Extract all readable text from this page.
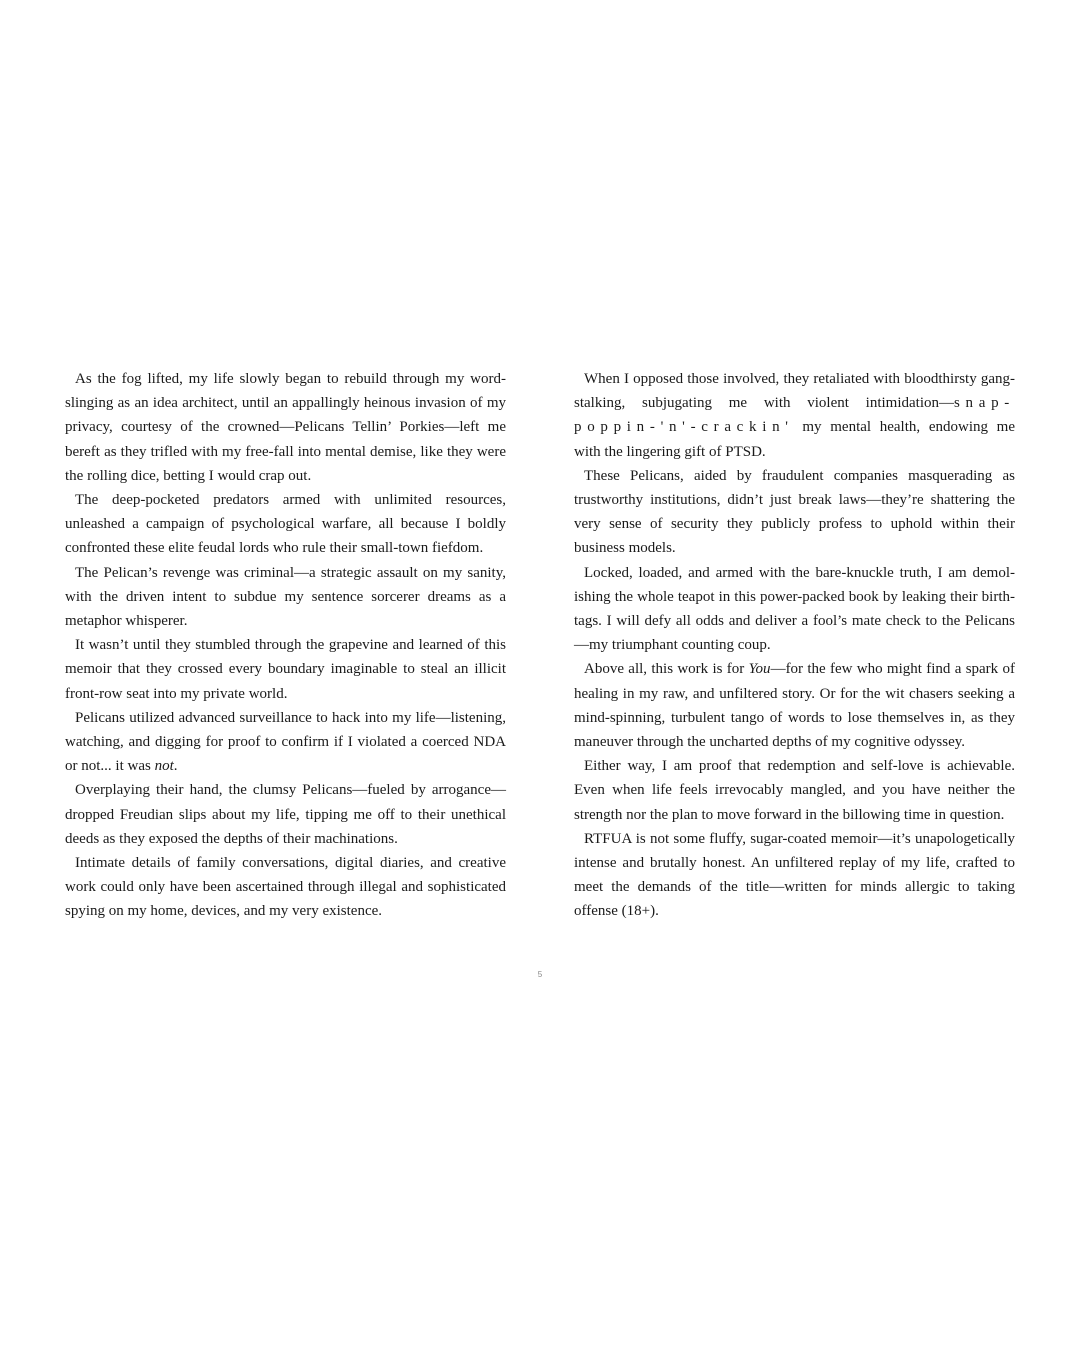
As the fog lifted, my life slowly began to rebuild through my word-slinging as an idea architect, until an appallingly heinous invasion of my privacy, courtesy of the crowned—Pelicans Tellin’ Porkies—left me bereft as they trifled with my free-fall into mental demise, like they were the rolling dice, betting I would crap out.

The deep-pocketed predators armed with unlimited resources, unleashed a campaign of psychological warfare, all because I boldly confronted these elite feudal lords who rule their small-town fiefdom.

The Pelican’s revenge was criminal—a strategic assault on my sanity, with the driven intent to subdue my sentence sorcerer dreams as a metaphor whisperer.

It wasn’t until they stumbled through the grapevine and learned of this memoir that they crossed every boundary imaginable to steal an illicit front-row seat into my private world.

Pelicans utilized advanced surveillance to hack into my life—listening, watching, and digging for proof to confirm if I violated a coerced NDA or not... it was not.

Overplaying their hand, the clumsy Pelicans—fueled by arrogance—dropped Freudian slips about my life, tipping me off to their unethical deeds as they exposed the depths of their machinations.

Intimate details of family conversations, digital diaries, and creative work could only have been ascertained through illegal and sophisticated spying on my home, devices, and my very existence.

When I opposed those involved, they retaliated with bloodthirsty gang-stalking, subjugating me with violent intimidation—snap-poppin-'n'-crackin' my mental health, endowing me with the lingering gift of PTSD.

These Pelicans, aided by fraudulent companies masquerading as trustworthy institutions, didn’t just break laws—they’re shattering the very sense of security they publicly profess to uphold within their business models.

Locked, loaded, and armed with the bare-knuckle truth, I am demolishing the whole teapot in this power-packed book by leaking their birth-tags. I will defy all odds and deliver a fool’s mate check to the Pelicans—my triumphant counting coup.

Above all, this work is for You—for the few who might find a spark of healing in my raw, and unfiltered story. Or for the wit chasers seeking a mind-spinning, turbulent tango of words to lose themselves in, as they maneuver through the uncharted depths of my cognitive odyssey.

Either way, I am proof that redemption and self-love is achievable. Even when life feels irrevocably mangled, and you have neither the strength nor the plan to move forward in the billowing time in question.

RTFUA is not some fluffy, sugar-coated memoir—it’s unapologetically intense and brutally honest. An unfiltered replay of my life, crafted to meet the demands of the title—written for minds allergic to taking offense (18+).

5
